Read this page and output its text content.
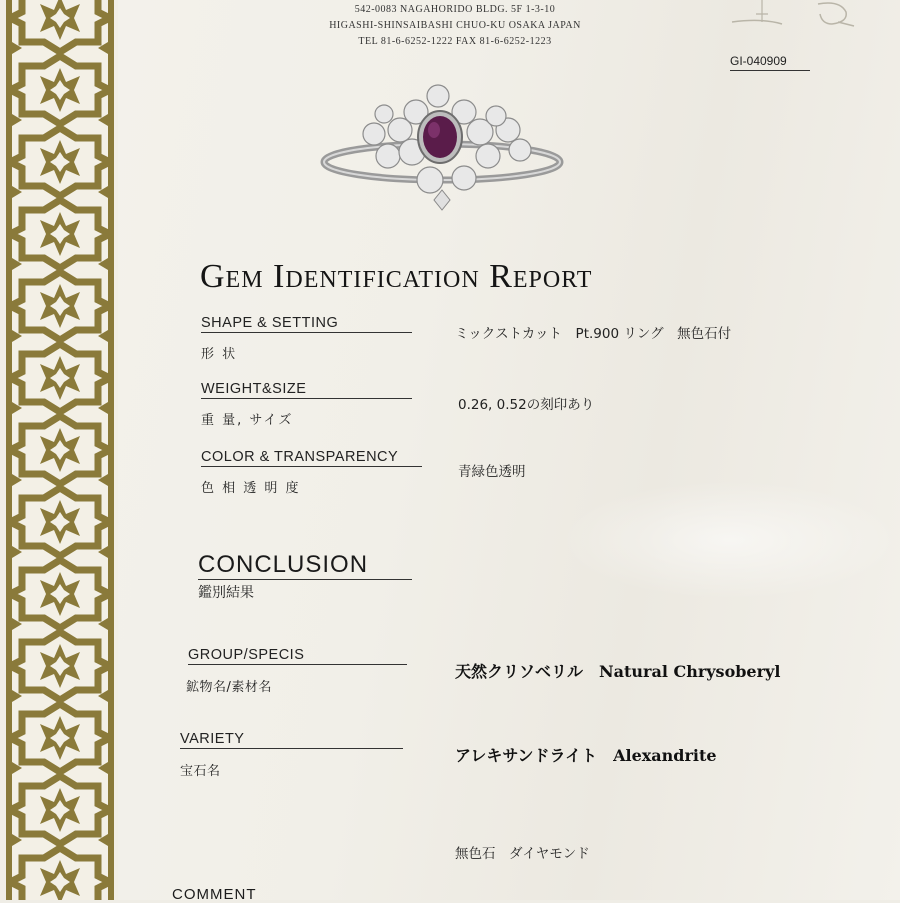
542-0083 NAGAHORIDO BLDG. 5F 1-3-10
HIGASHI-SHINSAIBASHI CHUO-KU OSAKA JAPAN
TEL 81-6-6252-1222 FAX 81-6-6252-1223
GI-040909
Gem Identification Report
SHAPE & SETTING
形 状
ミックストカット　Pt.900 リング　無色石付
WEIGHT&SIZE
重 量, サイズ
0.26, 0.52の刻印あり
COLOR & TRANSPARENCY
色 相 透 明 度
青緑色透明
CONCLUSION
鑑別結果
GROUP/SPECIS
鉱物名/素材名
天然クリソベリル　Natural Chrysoberyl
VARIETY
宝石名
アレキサンドライト　Alexandrite
無色石　ダイヤモンド
COMMENT
